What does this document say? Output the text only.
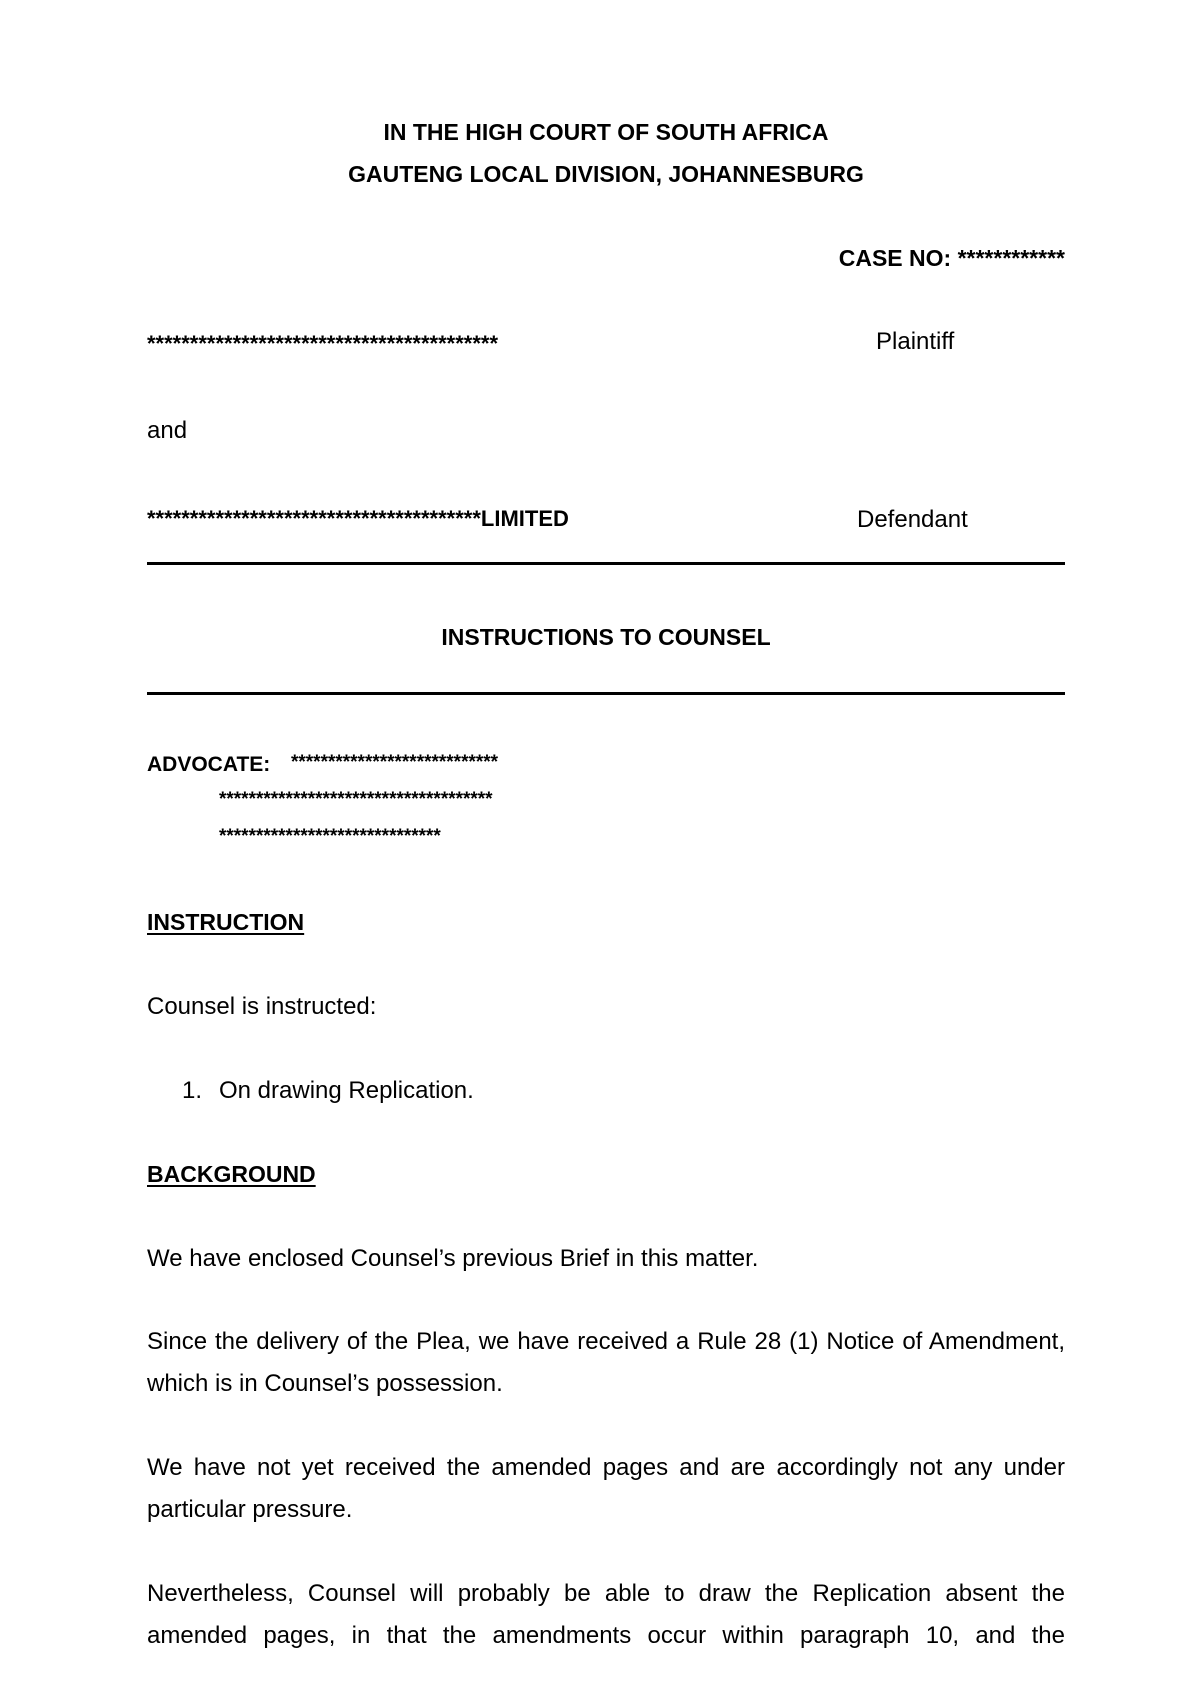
IN THE HIGH COURT OF SOUTH AFRICA

GAUTENG LOCAL DIVISION, JOHANNESBURG

CASE NO: ************

*****************************************	Plaintiff

and

***************************************LIMITED	Defendant

INSTRUCTIONS TO COUNSEL

ADVOCATE: ****************************

*************************************

******************************

INSTRUCTION

Counsel is instructed:

1. On drawing Replication.

BACKGROUND

We have enclosed Counsel’s previous Brief in this matter.

Since the delivery of the Plea, we have received a Rule 28 (1) Notice of Amendment,
which is in Counsel’s possession.
We have not yet received the amended pages and are accordingly not any under
particular pressure.
Nevertheless, Counsel will probably be able to draw the Replication absent the
amended pages, in that the amendments occur within paragraph 10, and the
